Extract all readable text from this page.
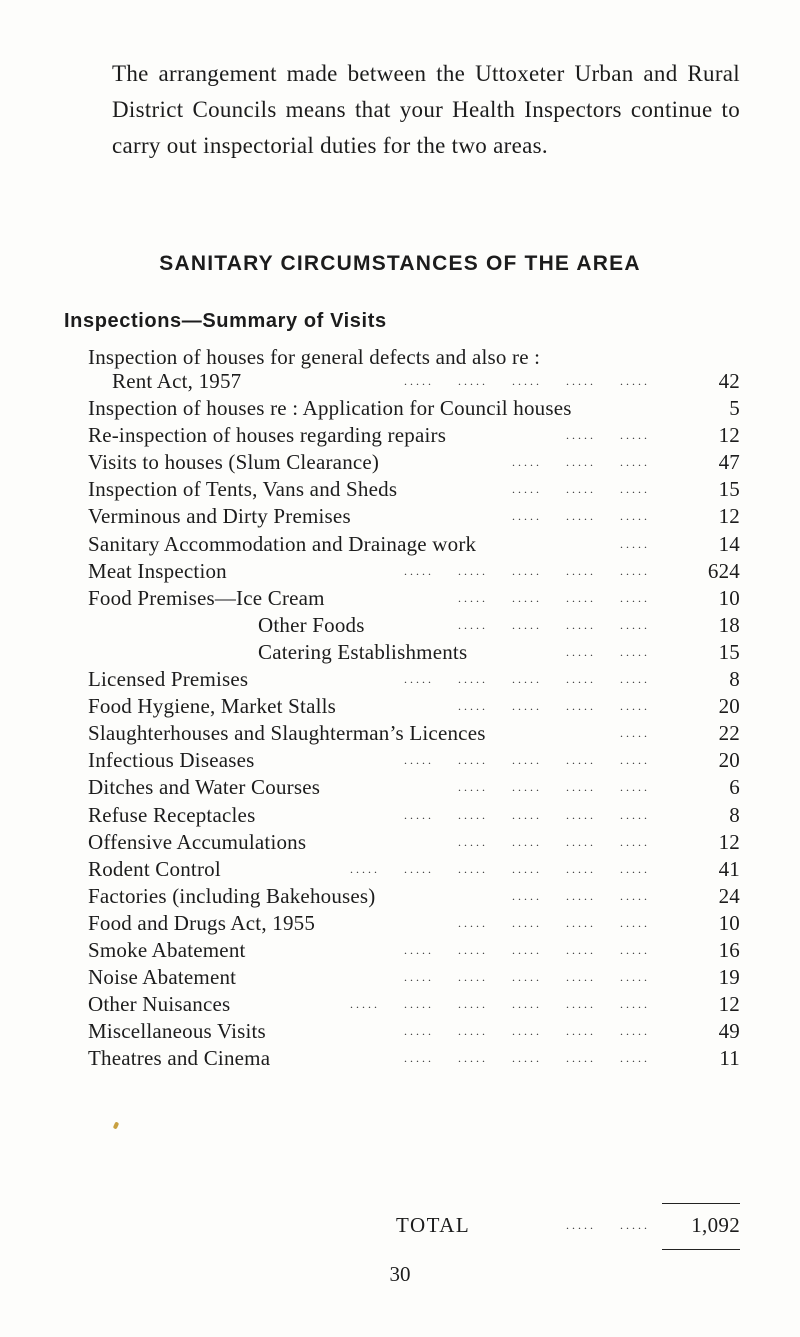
The arrangement made between the Uttoxeter Urban and Rural District Councils means that your Health Inspectors continue to carry out inspectorial duties for the two areas.

SANITARY CIRCUMSTANCES OF THE AREA
Inspections—Summary of Visits
Inspection of houses for general defects and also re :
Rent Act, 1957	..... ..... ..... ..... .....	42
Inspection of houses re : Application for Council houses	5
Re-inspection of houses regarding repairs	..... .....	12
Visits to houses (Slum Clearance)	..... ..... .....	47
Inspection of Tents, Vans and Sheds	..... ..... .....	15
Verminous and Dirty Premises	..... ..... .....	12
Sanitary Accommodation and Drainage work	.....	14
Meat Inspection	..... ..... ..... ..... .....	624
Food Premises—Ice Cream	..... ..... ..... .....	10
Other Foods	..... ..... ..... .....	18
Catering Establishments	..... .....	15
Licensed Premises	..... ..... ..... ..... .....	8
Food Hygiene, Market Stalls	..... ..... ..... .....	20
Slaughterhouses and Slaughterman’s Licences	.....	22
Infectious Diseases	..... ..... ..... ..... .....	20
Ditches and Water Courses	..... ..... ..... .....	6
Refuse Receptacles	..... ..... ..... ..... .....	8
Offensive Accumulations	..... ..... ..... .....	12
Rodent Control	..... ..... ..... ..... ..... .....	41
Factories (including Bakehouses)	..... ..... .....	24
Food and Drugs Act, 1955	..... ..... ..... .....	10
Smoke Abatement	..... ..... ..... ..... .....	16
Noise Abatement	..... ..... ..... ..... .....	19
Other Nuisances	..... ..... ..... ..... ..... .....	12
Miscellaneous Visits	..... ..... ..... ..... .....	49
Theatres and Cinema	..... ..... ..... ..... .....	11
TOTAL	..... ..... 1,092
30
